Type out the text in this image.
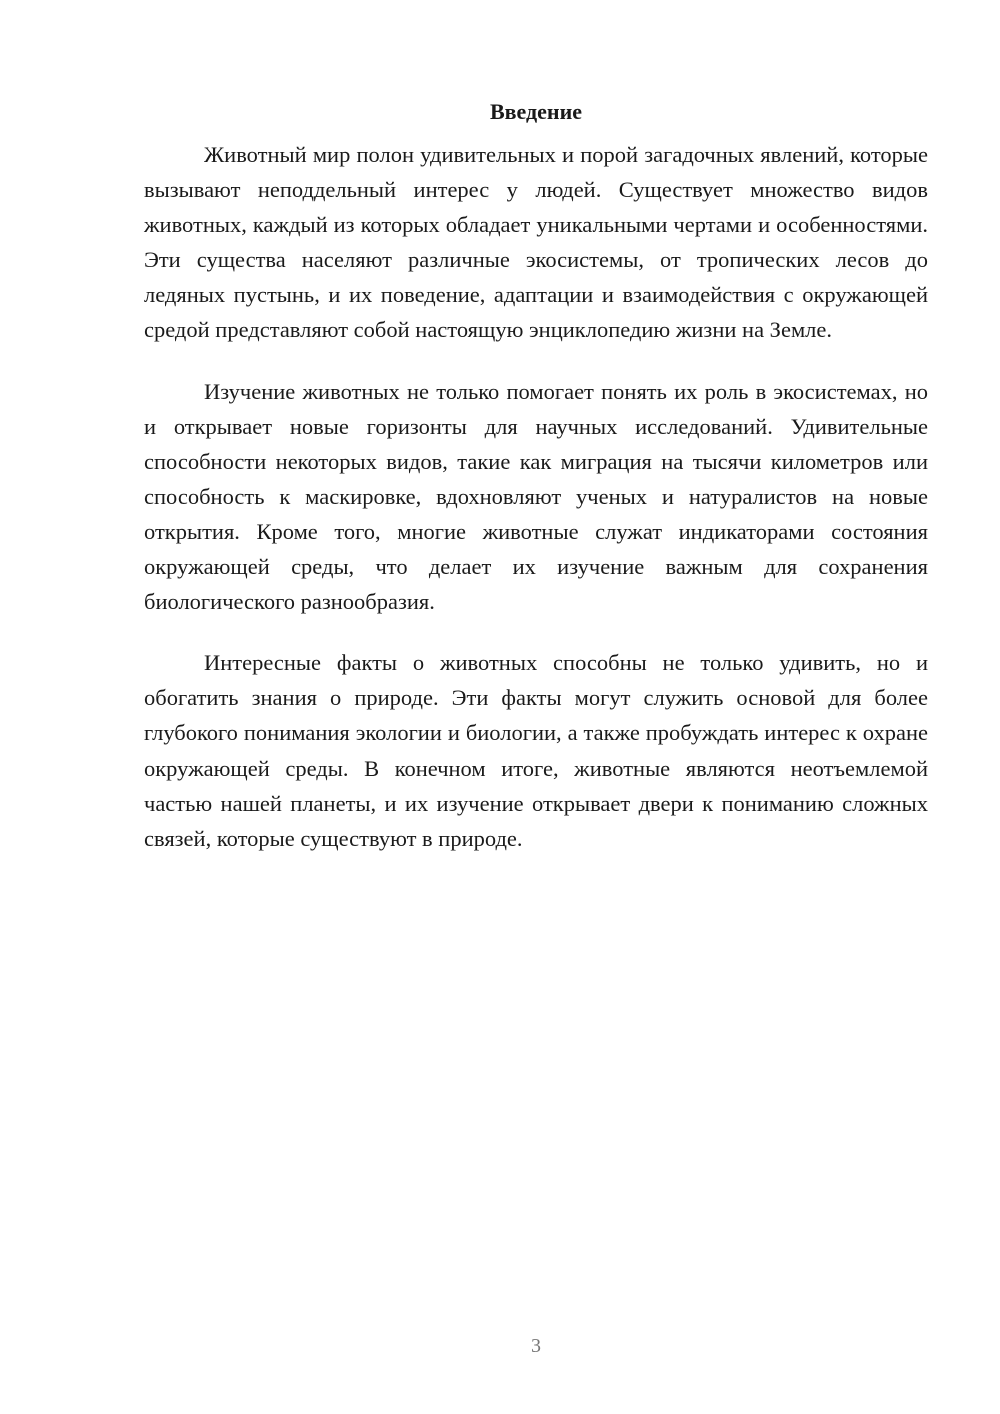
Введение

Животный мир полон удивительных и порой загадочных явлений, которые вызывают неподдельный интерес у людей. Существует множество видов животных, каждый из которых обладает уникальными чертами и особенностями. Эти существа населяют различные экосистемы, от тропических лесов до ледяных пустынь, и их поведение, адаптации и взаимодействия с окружающей средой представляют собой настоящую энциклопедию жизни на Земле.

Изучение животных не только помогает понять их роль в экосистемах, но и открывает новые горизонты для научных исследований. Удивительные способности некоторых видов, такие как миграция на тысячи километров или способность к маскировке, вдохновляют ученых и натуралистов на новые открытия. Кроме того, многие животные служат индикаторами состояния окружающей среды, что делает их изучение важным для сохранения биологического разнообразия.

Интересные факты о животных способны не только удивить, но и обогатить знания о природе. Эти факты могут служить основой для более глубокого понимания экологии и биологии, а также пробуждать интерес к охране окружающей среды. В конечном итоге, животные являются неотъемлемой частью нашей планеты, и их изучение открывает двери к пониманию сложных связей, которые существуют в природе.

3
